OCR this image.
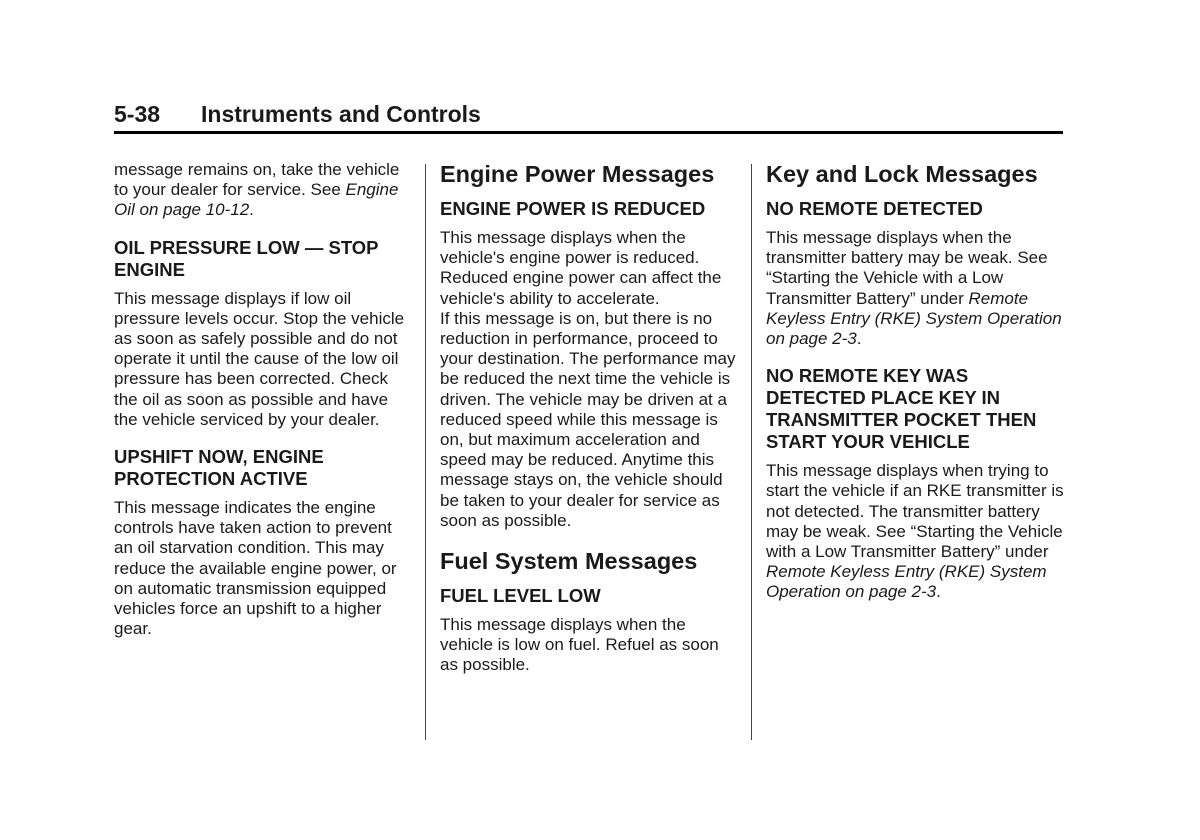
5-38	Instruments and Controls

message remains on, take the vehicle to your dealer for service. See Engine Oil on page 10-12.

OIL PRESSURE LOW — STOP ENGINE

This message displays if low oil pressure levels occur. Stop the vehicle as soon as safely possible and do not operate it until the cause of the low oil pressure has been corrected. Check the oil as soon as possible and have the vehicle serviced by your dealer.

UPSHIFT NOW, ENGINE PROTECTION ACTIVE

This message indicates the engine controls have taken action to prevent an oil starvation condition. This may reduce the available engine power, or on automatic transmission equipped vehicles force an upshift to a higher gear.

Engine Power Messages
ENGINE POWER IS REDUCED

This message displays when the vehicle's engine power is reduced. Reduced engine power can affect the vehicle's ability to accelerate.

If this message is on, but there is no reduction in performance, proceed to your destination. The performance may be reduced the next time the vehicle is driven. The vehicle may be driven at a reduced speed while this message is on, but maximum acceleration and speed may be reduced. Anytime this message stays on, the vehicle should be taken to your dealer for service as soon as possible.

Fuel System Messages
FUEL LEVEL LOW

This message displays when the vehicle is low on fuel. Refuel as soon as possible.

Key and Lock Messages
NO REMOTE DETECTED

This message displays when the transmitter battery may be weak. See “Starting the Vehicle with a Low Transmitter Battery” under Remote Keyless Entry (RKE) System Operation on page 2-3.

NO REMOTE KEY WAS DETECTED PLACE KEY IN TRANSMITTER POCKET THEN START YOUR VEHICLE

This message displays when trying to start the vehicle if an RKE transmitter is not detected. The transmitter battery may be weak. See “Starting the Vehicle with a Low Transmitter Battery” under Remote Keyless Entry (RKE) System Operation on page 2-3.
